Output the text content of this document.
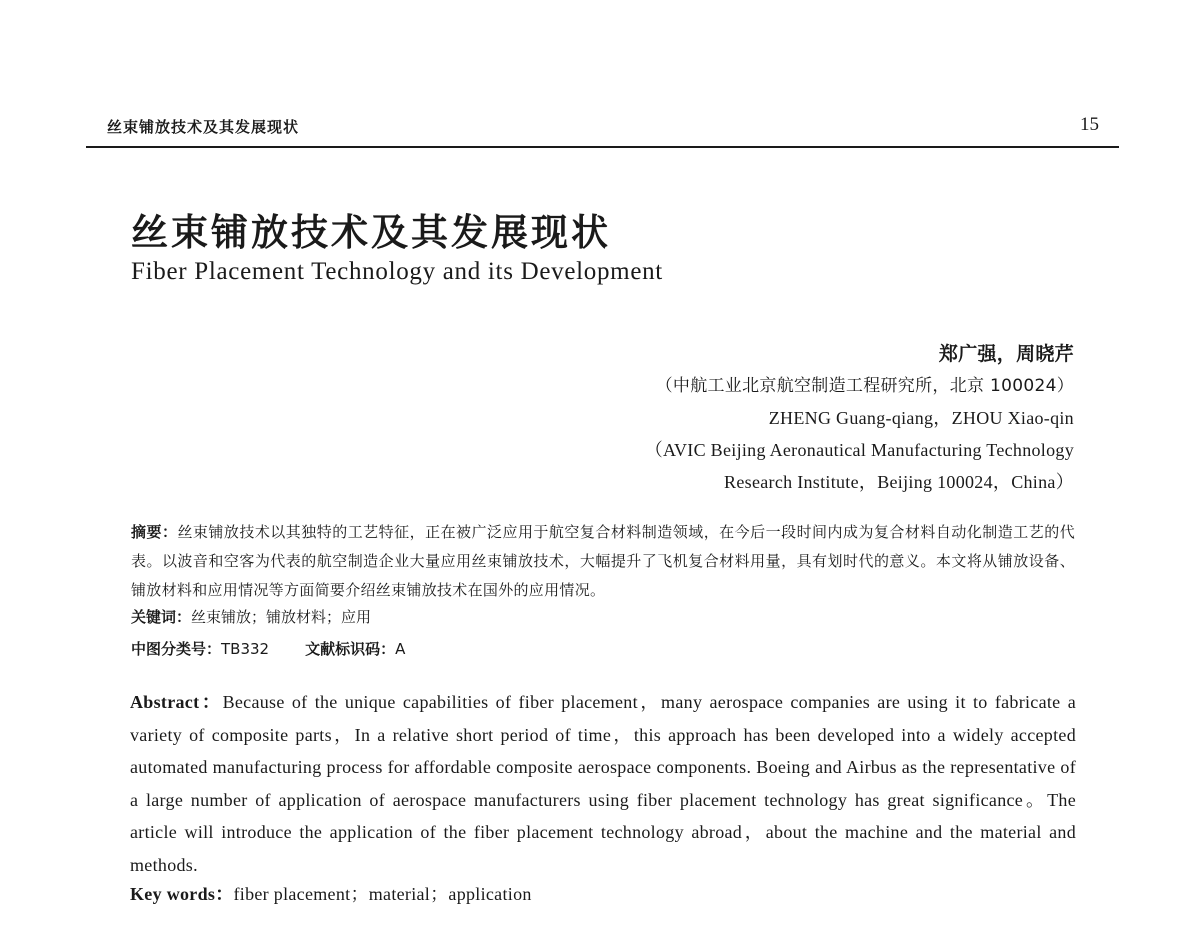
丝束铺放技术及其发展现状	15
丝束铺放技术及其发展现状
Fiber Placement Technology and its Development
郑广强，周晓芹
（中航工业北京航空制造工程研究所，北京 100024）
ZHENG Guang-qiang，ZHOU Xiao-qin
（AVIC Beijing Aeronautical Manufacturing Technology
Research Institute，Beijing 100024，China）
摘要：丝束铺放技术以其独特的工艺特征，正在被广泛应用于航空复合材料制造领域，在今后一段时间内成为复合材料自动化制造工艺的代表。以波音和空客为代表的航空制造企业大量应用丝束铺放技术，大幅提升了飞机复合材料用量，具有划时代的意义。本文将从铺放设备、铺放材料和应用情况等方面简要介绍丝束铺放技术在国外的应用情况。
关键词：丝束铺放；铺放材料；应用
中图分类号：TB332 文献标识码：A
Abstract：Because of the unique capabilities of fiber placement，many aerospace companies are using it to fabricate a variety of composite parts，In a relative short period of time，this approach has been developed into a widely accepted automated manufacturing process for affordable composite aerospace components. Boeing and Airbus as the representative of a large number of application of aerospace manufacturers using fiber placement technology has great significance。The article will introduce the application of the fiber placement technology abroad，about the machine and the material and methods.
Key words：fiber placement；material；application
